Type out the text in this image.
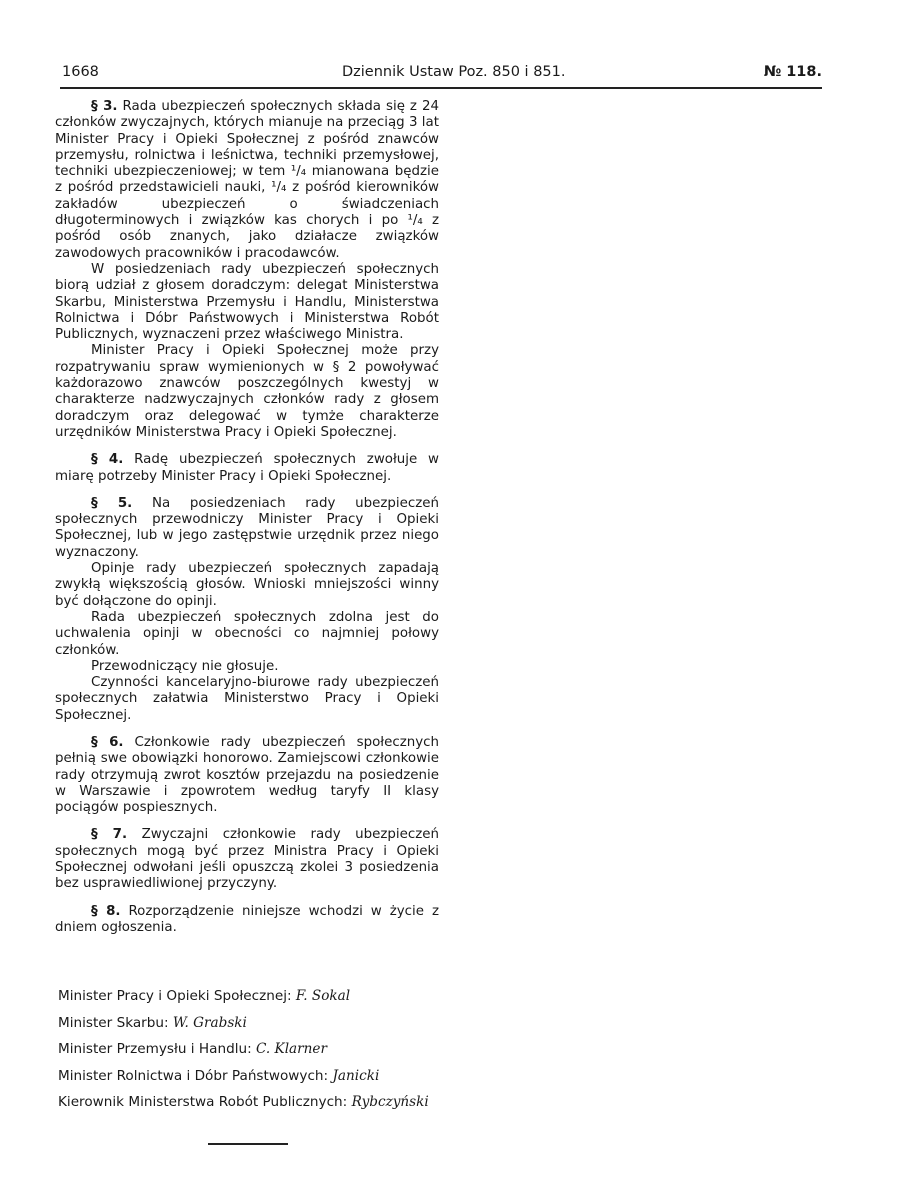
1668	Dziennik Ustaw Poz. 850 i 851.	№ 118.

§ 3. Rada ubezpieczeń społecznych składa się z 24 członków zwyczajnych, których mianuje na przeciąg 3 lat Minister Pracy i Opieki Społecznej z pośród znawców przemysłu, rolnictwa i leśnictwa, techniki przemysłowej, techniki ubezpieczeniowej; w tem ¹/₄ mianowana będzie z pośród przedstawicieli nauki, ¹/₄ z pośród kierowników zakładów ubezpieczeń o świadczeniach długoterminowych i związków kas chorych i po ¹/₄ z pośród osób znanych, jako działacze związków zawodowych pracowników i pracodawców.

W posiedzeniach rady ubezpieczeń społecznych biorą udział z głosem doradczym: delegat Ministerstwa Skarbu, Ministerstwa Przemysłu i Handlu, Ministerstwa Rolnictwa i Dóbr Państwowych i Ministerstwa Robót Publicznych, wyznaczeni przez właściwego Ministra.

Minister Pracy i Opieki Społecznej może przy rozpatrywaniu spraw wymienionych w § 2 powoływać każdorazowo znawców poszczególnych kwestyj w charakterze nadzwyczajnych członków rady z głosem doradczym oraz delegować w tymże charakterze urzędników Ministerstwa Pracy i Opieki Społecznej.

§ 4. Radę ubezpieczeń społecznych zwołuje w miarę potrzeby Minister Pracy i Opieki Społecznej.

§ 5. Na posiedzeniach rady ubezpieczeń społecznych przewodniczy Minister Pracy i Opieki Społecznej, lub w jego zastępstwie urzędnik przez niego wyznaczony.

Opinje rady ubezpieczeń społecznych zapadają zwykłą większością głosów. Wnioski mniejszości winny być dołączone do opinji.

Rada ubezpieczeń społecznych zdolna jest do uchwalenia opinji w obecności co najmniej połowy członków.

Przewodniczący nie głosuje.

Czynności kancelaryjno-biurowe rady ubezpieczeń społecznych załatwia Ministerstwo Pracy i Opieki Społecznej.

§ 6. Członkowie rady ubezpieczeń społecznych pełnią swe obowiązki honorowo. Zamiejscowi członkowie rady otrzymują zwrot kosztów przejazdu na posiedzenie w Warszawie i zpowrotem według taryfy II klasy pociągów pospiesznych.

§ 7. Zwyczajni członkowie rady ubezpieczeń społecznych mogą być przez Ministra Pracy i Opieki Społecznej odwołani jeśli opuszczą zkolei 3 posiedzenia bez usprawiedliwionej przyczyny.

§ 8. Rozporządzenie niniejsze wchodzi w życie z dniem ogłoszenia.

Minister Pracy i Opieki Społecznej: F. Sokal
Minister Skarbu: W. Grabski
Minister Przemysłu i Handlu: C. Klarner
Minister Rolnictwa i Dóbr Państwowych: Janicki
Kierownik Ministerstwa Robót Publicznych: Rybczyński
